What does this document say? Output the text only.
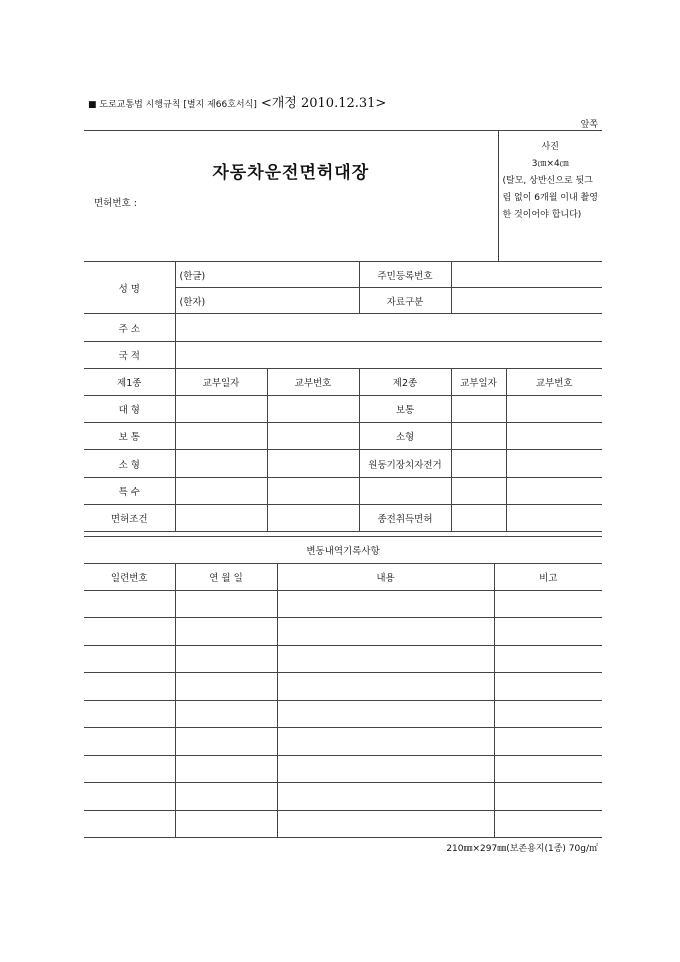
■ 도로교통법 시행규칙 [별지 제66호서식] <개정 2010.12.31>
앞쪽
자동차운전면허대장
면허번호 :

사진
3㎝×4㎝
(탈모, 상반신으로 뒷그림 없이 6개월 이내 촬영한 것이어야 합니다)
성 명	(한글)		주민등록번호		
	(한자)		자료구분		
주 소					
국 적					
제1종	교부일자	교부번호	제2종	교부일자	교부번호
대 형			보통		
보 통			소형		
소 형			원동기장치자전거		
특 수					
면허조건			종전취득면허		
변동내역기록사항			
일련번호	연 월 일	내용	비고

210㎜×297㎜(보존용지(1종) 70g/㎡
